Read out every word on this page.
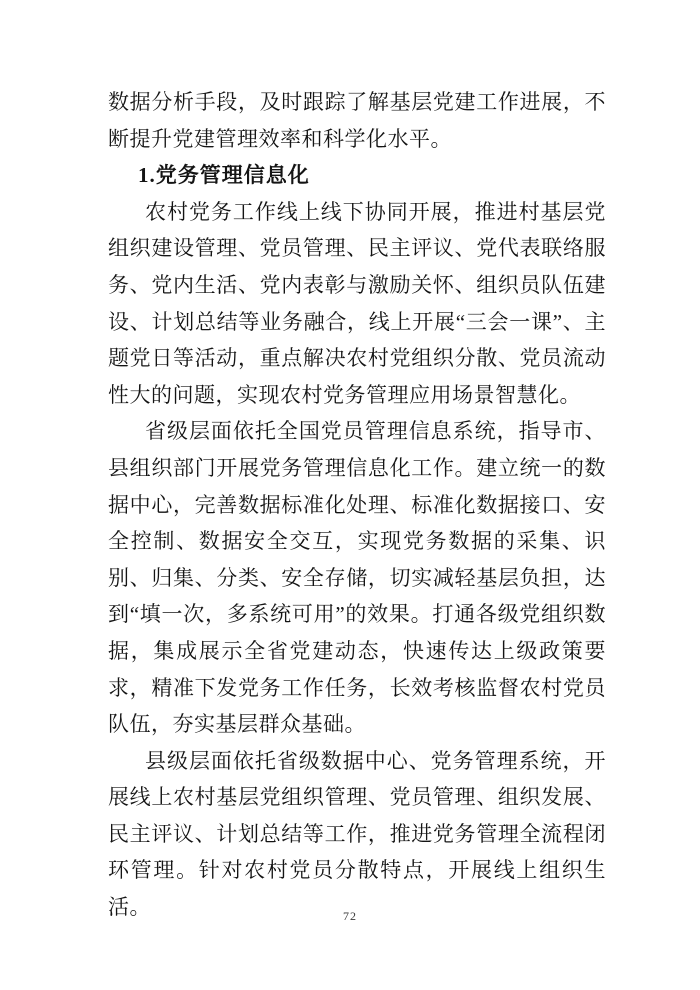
数据分析手段，及时跟踪了解基层党建工作进展，不断提升党建管理效率和科学化水平。

1.党务管理信息化

农村党务工作线上线下协同开展，推进村基层党组织建设管理、党员管理、民主评议、党代表联络服务、党内生活、党内表彰与激励关怀、组织员队伍建设、计划总结等业务融合，线上开展“三会一课”、主题党日等活动，重点解决农村党组织分散、党员流动性大的问题，实现农村党务管理应用场景智慧化。

省级层面依托全国党员管理信息系统，指导市、县组织部门开展党务管理信息化工作。建立统一的数据中心，完善数据标准化处理、标准化数据接口、安全控制、数据安全交互，实现党务数据的采集、识别、归集、分类、安全存储，切实减轻基层负担，达到“填一次，多系统可用”的效果。打通各级党组织数据，集成展示全省党建动态，快速传达上级政策要求，精准下发党务工作任务，长效考核监督农村党员队伍，夯实基层群众基础。

县级层面依托省级数据中心、党务管理系统，开展线上农村基层党组织管理、党员管理、组织发展、民主评议、计划总结等工作，推进党务管理全流程闭环管理。针对农村党员分散特点，开展线上组织生活。	72
